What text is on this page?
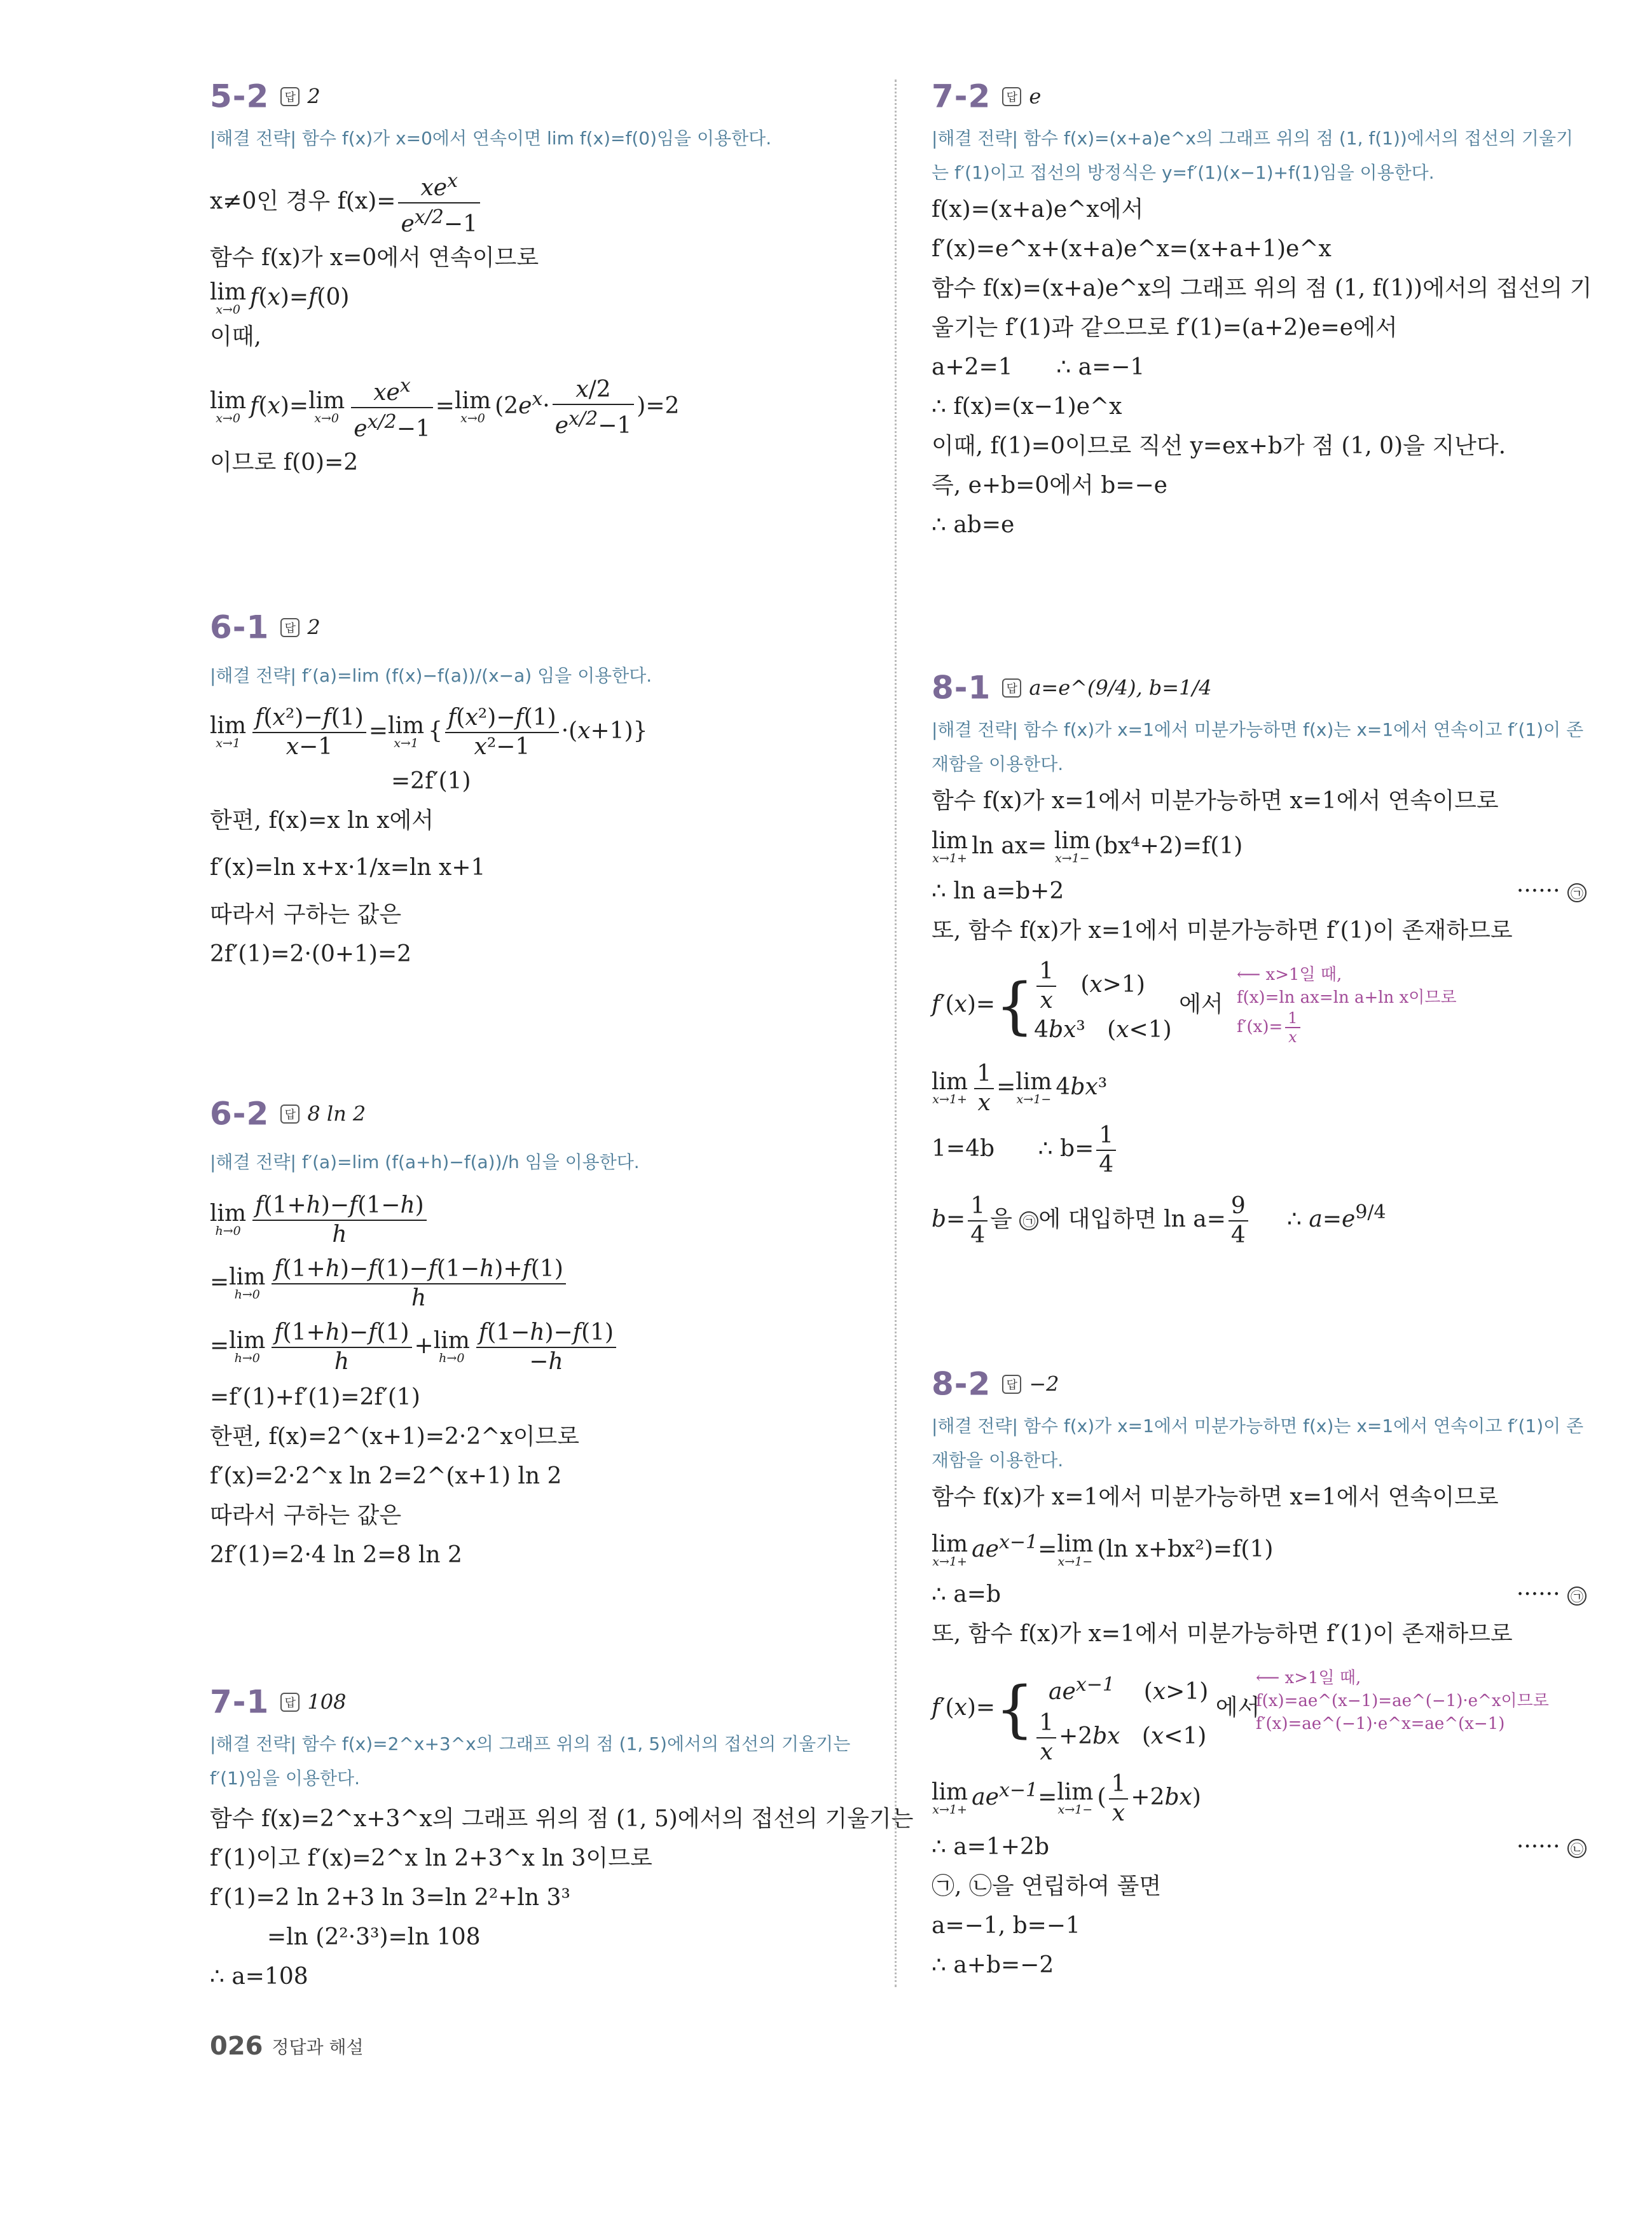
5-2 답 2
|해결 전략| 함수 f(x)가 x=0에서 연속이면 lim f(x)=f(0)임을 이용한다.
x≠0인 경우 $f(x)= \frac{xe^x}{e^{x/2}-1}$
함수 f(x)가 x=0에서 연속이므로
lim
x→0 f(x)=f(0)
이때,
lim
x→0 f(x)=lim
$x\to 0 \frac{xe^x}{e^{x/2}-1} =\lim$
x→0 $(2e^x\cdot \frac{x/2}{e^{x/2}-1} )=2$
이므로 f(0)=2
6-1 답 2
|해결 전략| f′(a)=lim (f(x)−f(a))/(x−a) 임을 이용한다.
lim
$x\to 1 \frac{\text{f(x²)−f(1)}}{x-1} =\lim$
x→1 { $\frac{\text{f(x²)−f(1)}}{\text{x²−1}} \cdot(x+1)$}
=2f′(1)
한편, f(x)=x ln x에서
f′(x)=ln x+x·1/x=ln x+1
따라서 구하는 값은
2f′(1)=2·(0+1)=2
6-2 답 8 ln 2
|해결 전략| f′(a)=lim (f(a+h)−f(a))/h 임을 이용한다.
lim
$h\to 0 \frac{f(1+h)-f(1-h)}{h}$
=lim
$h\to 0 \frac{f(1+h)-f(1)-f(1-h)+f(1)}{h}$
=lim
$h\to 0 \frac{f(1+h)-f(1)}{h} +\lim$
$h\to 0 \frac{f(1-h)-f(1)}{-h}$
=f′(1)+f′(1)=2f′(1)
한편, f(x)=2^(x+1)=2·2^x이므로
f′(x)=2·2^x ln 2=2^(x+1) ln 2
따라서 구하는 값은
2f′(1)=2·4 ln 2=8 ln 2
7-1 답 108
|해결 전략| 함수 f(x)=2^x+3^x의 그래프 위의 점 (1, 5)에서의 접선의 기울기는 f′(1)임을 이용한다.
함수 f(x)=2^x+3^x의 그래프 위의 점 (1, 5)에서의 접선의 기울기는
f′(1)이고 f′(x)=2^x ln 2+3^x ln 3이므로
f′(1)=2 ln 2+3 ln 3=ln 2²+ln 3³
=ln (2²·3³)=ln 108
∴ a=108
7-2 답 e
|해결 전략| 함수 f(x)=(x+a)e^x의 그래프 위의 점 (1, f(1))에서의 접선의 기울기는 f′(1)이고 접선의 방정식은 y=f′(1)(x−1)+f(1)임을 이용한다.
f(x)=(x+a)e^x에서
f′(x)=e^x+(x+a)e^x=(x+a+1)e^x
함수 f(x)=(x+a)e^x의 그래프 위의 점 (1, f(1))에서의 접선의 기
울기는 f′(1)과 같으므로 f′(1)=(a+2)e=e에서
a+2=1      ∴ a=−1
∴ f(x)=(x−1)e^x
이때, f(1)=0이므로 직선 y=ex+b가 점 (1, 0)을 지난다.
즉, e+b=0에서 b=−e
∴ ab=e
8-1 답 a=e^(9/4), b=1/4
|해결 전략| 함수 f(x)가 x=1에서 미분가능하면 f(x)는 x=1에서 연속이고 f′(1)이 존재함을 이용한다.
함수 f(x)가 x=1에서 미분가능하면 x=1에서 연속이므로
lim
x→1+ ln ax= lim
x→1− (bx⁴+2)=f(1)
∴ ln a=b+2	······ ㉠
또, 함수 f(x)가 x=1에서 미분가능하면 f′(1)이 존재하므로
$f'(x)=\{ \frac{1}{x} (x>1)$
4bx³   (x<1)
에서
⟵ x>1일 때,
f(x)=ln ax=ln a+ln x이므로
$f'(x)= \frac{1}{x}$
lim
$x\to 1+ \frac{1}{x} =\lim$
x→1− 4bx³
1=4b      ∴ $b= \frac{1}{4}$
$b= \frac{1}{4}$ 을 ㉠ 에 대입하면 $\ln a= \frac{9}{4}$ ∴ $a=e^{9/4}$
8-2 답 −2
|해결 전략| 함수 f(x)가 x=1에서 미분가능하면 f(x)는 x=1에서 연속이고 f′(1)이 존재함을 이용한다.
함수 f(x)가 x=1에서 미분가능하면 x=1에서 연속이므로
lim
$x\to 1+ ae^{x-1}=\lim$
x→1− (ln x+bx²)=f(1)
∴ a=b	······ ㉠
또, 함수 f(x)가 x=1에서 미분가능하면 f′(1)이 존재하므로
f′(x)={ $ae^{x-1}$    (x>1)
$\frac{1}{x} +2bx$   (x<1)
에서
⟵ x>1일 때,
f(x)=ae^(x−1)=ae^(−1)·e^x이므로
f′(x)=ae^(−1)·e^x=ae^(x−1)
lim
$x\to 1+ ae^{x-1}=\lim$
x→1− ( $\frac{1}{x} +2bx$)
∴ a=1+2b	······ ㉡
㉠, ㉡을 연립하여 풀면
a=−1, b=−1
∴ a+b=−2
026 정답과 해설
